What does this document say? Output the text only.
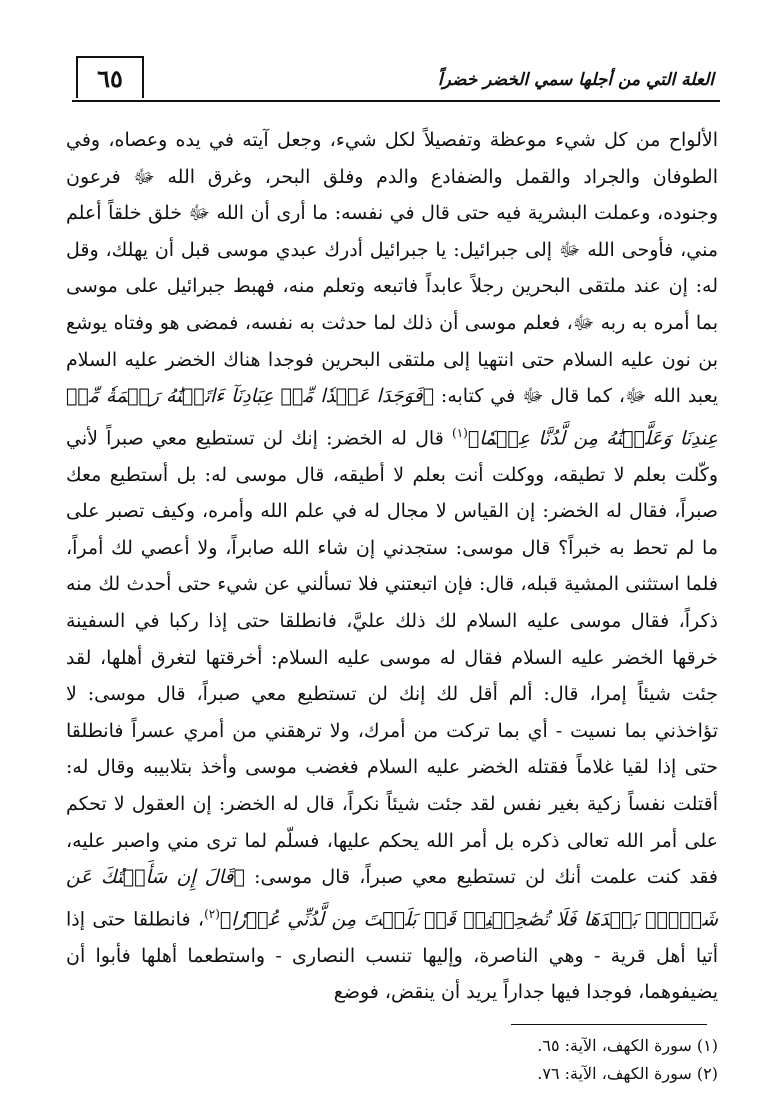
٦٥	العلة التي من أجلها سمي الخضر خضراً
الألواح من كل شيء موعظة وتفصيلاً لكل شيء، وجعل آيته في يده وعصاه، وفي الطوفان والجراد والقمل والضفادع والدم وفلق البحر، وغرق الله ﷻ فرعون وجنوده، وعملت البشرية فيه حتى قال في نفسه: ما أرى أن الله ﷻ خلق خلقاً أعلم مني، فأوحى الله ﷻ إلى جبرائيل: يا جبرائيل أدرك عبدي موسى قبل أن يهلك، وقل له: إن عند ملتقى البحرين رجلاً عابداً فاتبعه وتعلم منه، فهبط جبرائيل على موسى بما أمره به ربه ﷻ، فعلم موسى أن ذلك لما حدثت به نفسه، فمضى هو وفتاه يوشع بن نون عليه السلام حتى انتهيا إلى ملتقى البحرين فوجدا هناك الخضر عليه السلام يعبد الله ﷻ، كما قال ﷻ في كتابه: ﴿فَوَجَدَا عَبۡدٗا مِّنۡ عِبَادِنَآ ءَاتَيۡنَٰهُ رَحۡمَةٗ مِّنۡ عِندِنَا وَعَلَّمۡنَٰهُ مِن لَّدُنَّا عِلۡمٗا﴾$^{(١)}$ قال له الخضر: إنك لن تستطيع معي صبراً لأني وكّلت بعلم لا تطيقه، ووكلت أنت بعلم لا أطيقه، قال موسى له: بل أستطيع معك صبراً، فقال له الخضر: إن القياس لا مجال له في علم الله وأمره، وكيف تصبر على ما لم تحط به خبراً؟ قال موسى: ستجدني إن شاء الله صابراً، ولا أعصي لك أمراً، فلما استثنى المشية قبله، قال: فإن اتبعتني فلا تسألني عن شيء حتى أحدث لك منه ذكراً، فقال موسى عليه السلام لك ذلك عليَّ، فانطلقا حتى إذا ركبا في السفينة خرقها الخضر عليه السلام فقال له موسى عليه السلام: أخرقتها لتغرق أهلها، لقد جئت شيئاً إمرا، قال: ألم أقل لك إنك لن تستطيع معي صبراً، قال موسى: لا تؤاخذني بما نسيت - أي بما تركت من أمرك، ولا ترهقني من أمري عسراً فانطلقا حتى إذا لقيا غلاماً فقتله الخضر عليه السلام فغضب موسى وأخذ بتلابيبه وقال له: أقتلت نفساً زكية بغير نفس لقد جئت شيئاً نكراً، قال له الخضر: إن العقول لا تحكم على أمر الله تعالى ذكره بل أمر الله يحكم عليها، فسلّم لما ترى مني واصبر عليه، فقد كنت علمت أنك لن تستطيع معي صبراً، قال موسى: ﴿قَالَ إِن سَأَلۡتُكَ عَن شَيۡءِۭ بَعۡدَهَا فَلَا تُصَٰحِبۡنِيۖ قَدۡ بَلَغۡتَ مِن لَّدُنِّي عُذۡرٗا﴾$^{(٢)}$، فانطلقا حتى إذا أتيا أهل قرية - وهي الناصرة، وإليها تنسب النصارى - واستطعما أهلها فأبوا أن يضيفوهما، فوجدا فيها جداراً يريد أن ينقض، فوضع
(١) سورة الكهف، الآية: ٦٥.
(٢) سورة الكهف، الآية: ٧٦.
